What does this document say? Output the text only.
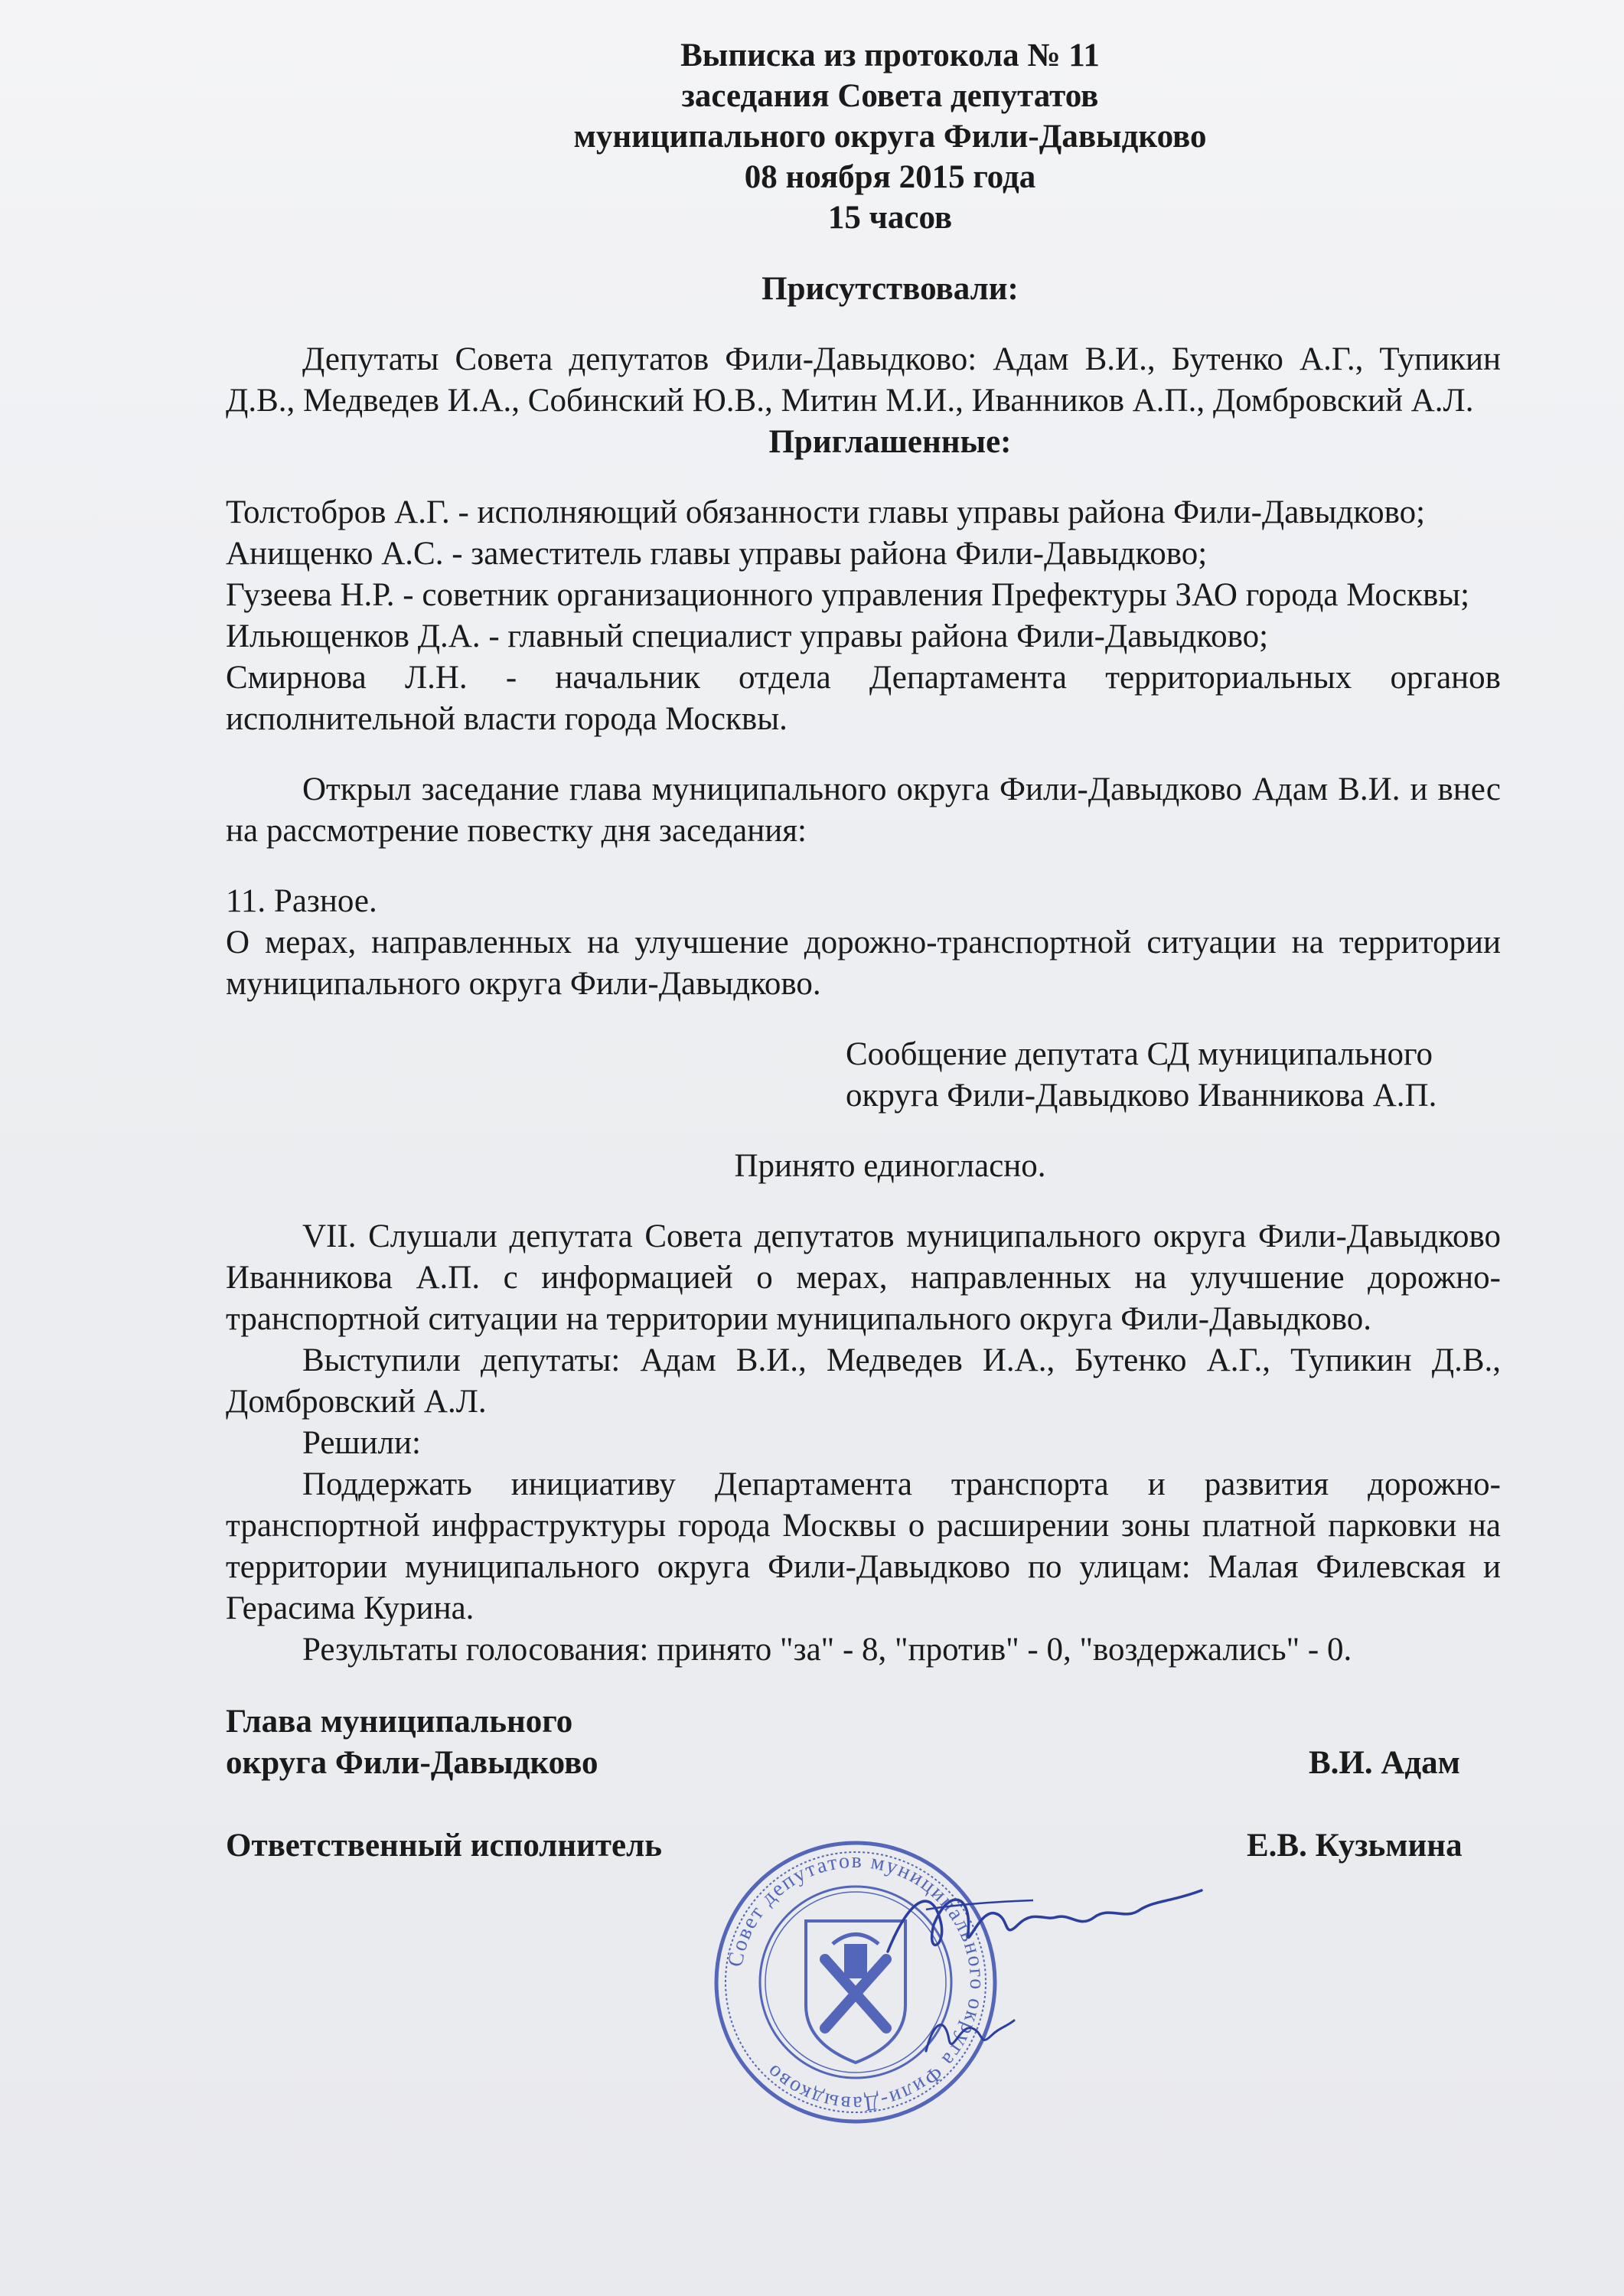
Выписка из протокола № 11
заседания Совета депутатов
муниципального округа Фили-Давыдково
08 ноября 2015 года
15 часов
Присутствовали:

Депутаты Совета депутатов Фили-Давыдково: Адам В.И., Бутенко А.Г., Тупикин Д.В., Медведев И.А., Собинский Ю.В., Митин М.И., Иванников А.П., Домбровский А.Л.

Приглашенные:

Толстобров А.Г. - исполняющий обязанности главы управы района Фили-Давыдково;

Анищенко А.С. - заместитель главы управы района Фили-Давыдково;

Гузеева Н.Р. - советник организационного управления Префектуры ЗАО города Москвы;

Ильющенков Д.А. - главный специалист управы района Фили-Давыдково;

Смирнова Л.Н. - начальник отдела Департамента территориальных органов исполнительной власти города Москвы.

Открыл заседание глава муниципального округа Фили-Давыдково Адам В.И. и внес на рассмотрение повестку дня заседания:

11. Разное.

О мерах, направленных на улучшение дорожно-транспортной ситуации на территории муниципального округа Фили-Давыдково.

Сообщение депутата СД муниципального
округа Фили-Давыдково Иванникова А.П.
Принято единогласно.

VII. Слушали депутата Совета депутатов муниципального округа Фили-Давыдково Иванникова А.П. с информацией о мерах, направленных на улучшение дорожно-транспортной ситуации на территории муниципального округа Фили-Давыдково.

Выступили депутаты: Адам В.И., Медведев И.А., Бутенко А.Г., Тупикин Д.В., Домбровский А.Л.

Решили:

Поддержать инициативу Департамента транспорта и развития дорожно-транспортной инфраструктуры города Москвы о расширении зоны платной парковки на территории муниципального округа Фили-Давыдково по улицам: Малая Филевская и Герасима Курина.

Результаты голосования: принято "за" - 8, "против" - 0, "воздержались" - 0.

Глава муниципального
округа Фили-Давыдково	В.И. Адам
Ответственный исполнитель	Е.В. Кузьмина
Совет депутатов муниципального округа Фили-Давыдково
